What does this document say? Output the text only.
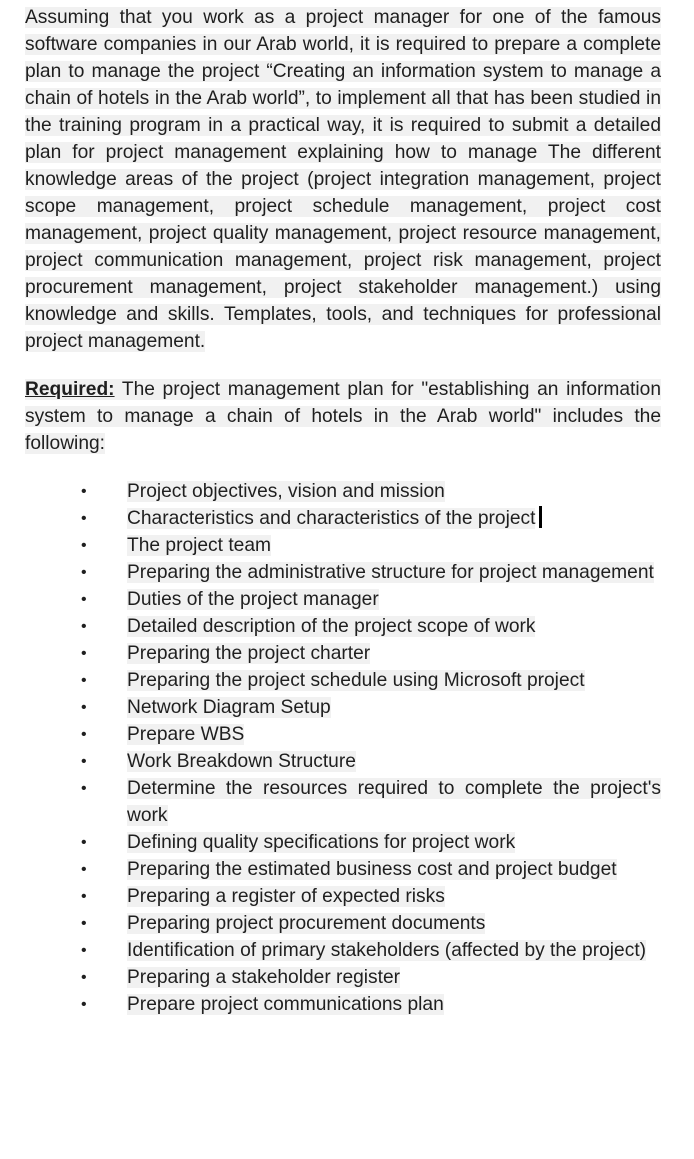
Assuming that you work as a project manager for one of the famous software companies in our Arab world, it is required to prepare a complete plan to manage the project “Creating an information system to manage a chain of hotels in the Arab world”, to implement all that has been studied in the training program in a practical way, it is required to submit a detailed plan for project management explaining how to manage The different knowledge areas of the project (project integration management, project scope management, project schedule management, project cost management, project quality management, project resource management, project communication management, project risk management, project procurement management, project stakeholder management.) using knowledge and skills. Templates, tools, and techniques for professional project management.

Required: The project management plan for "establishing an information system to manage a chain of hotels in the Arab world" includes the following:

•	Project objectives, vision and mission
•	Characteristics and characteristics of the project
•	The project team
•	Preparing the administrative structure for project management
•	Duties of the project manager
•	Detailed description of the project scope of work
•	Preparing the project charter
•	Preparing the project schedule using Microsoft project
•	Network Diagram Setup
•	Prepare WBS
•	Work Breakdown Structure
•	Determine the resources required to complete the project's work
•	Defining quality specifications for project work
•	Preparing the estimated business cost and project budget
•	Preparing a register of expected risks
•	Preparing project procurement documents
•	Identification of primary stakeholders (affected by the project)
•	Preparing a stakeholder register
•	Prepare project communications plan
